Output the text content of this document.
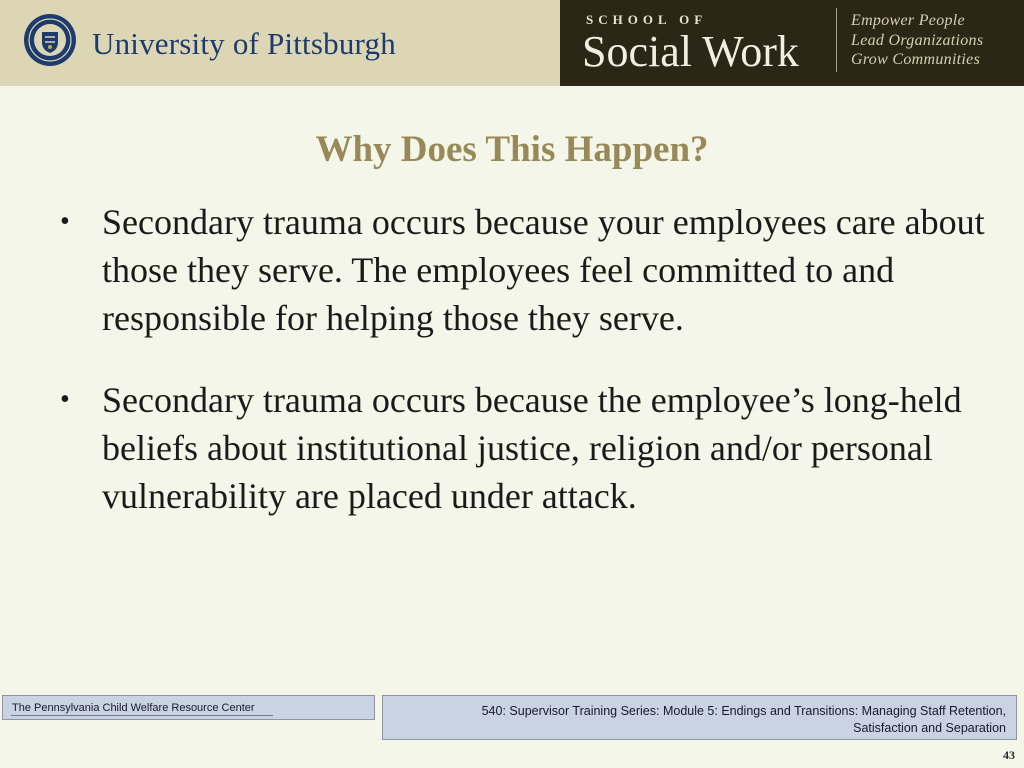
University of Pittsburgh
SCHOOL OF
Social Work
Empower People
Lead Organizations
Grow Communities
Why Does This Happen?
• Secondary trauma occurs because your employees care about those they serve. The employees feel committed to and responsible for helping those they serve.
• Secondary trauma occurs because the employee’s long-held beliefs about institutional justice, religion and/or personal vulnerability are placed under attack.
The Pennsylvania Child Welfare Resource Center	540: Supervisor Training Series: Module 5: Endings and Transitions: Managing Staff Retention,
Satisfaction and Separation
43
